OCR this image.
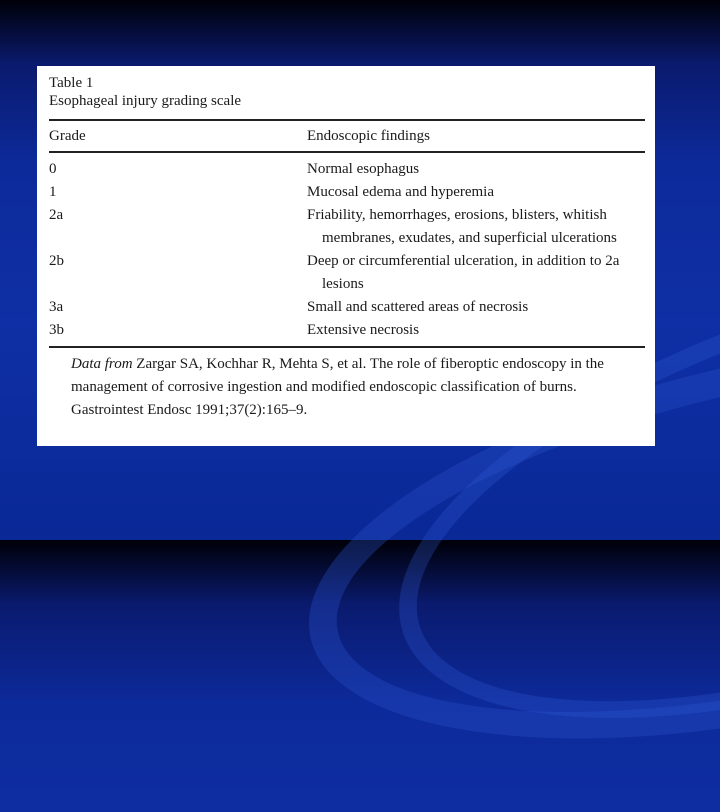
Table 1

Esophageal injury grading scale

Grade	Endoscopic findings
0	Normal esophagus
1	Mucosal edema and hyperemia
2a	Friability, hemorrhages, erosions, blisters, whitish membranes, exudates, and superficial ulcerations
2b	Deep or circumferential ulceration, in addition to 2a lesions
3a	Small and scattered areas of necrosis
3b	Extensive necrosis
Data from Zargar SA, Kochhar R, Mehta S, et al. The role of fiberoptic endoscopy in the management of corrosive ingestion and modified endoscopic classification of burns. Gastrointest Endosc 1991;37(2):165–9.
